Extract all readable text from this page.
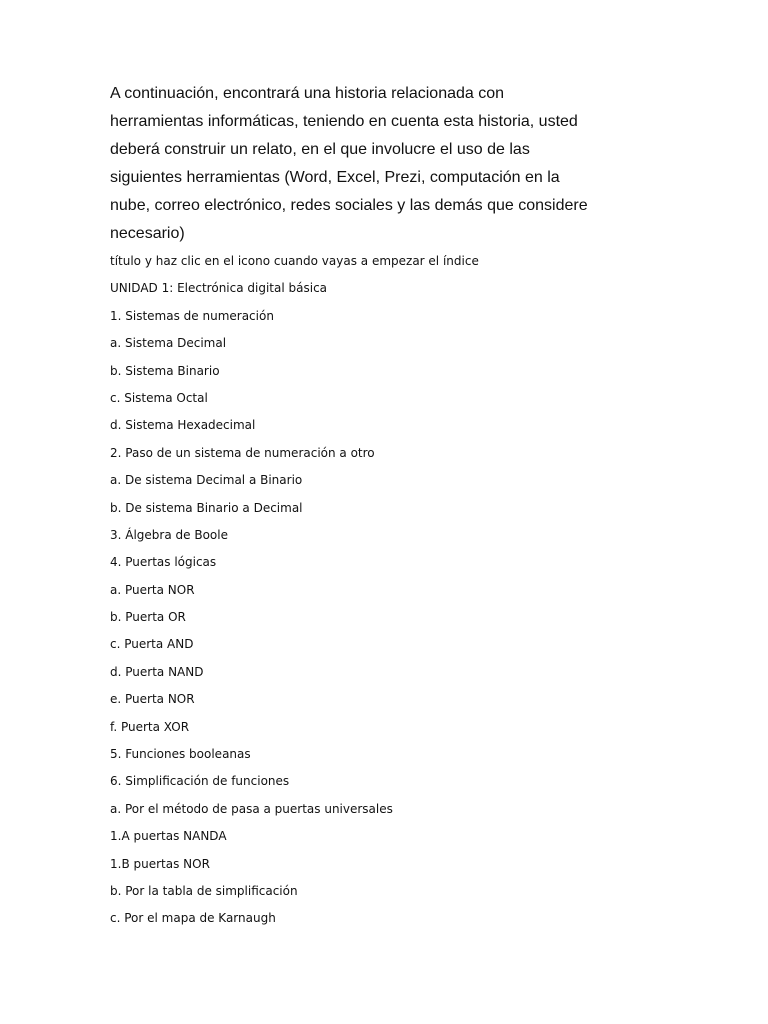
A continuación, encontrará una historia relacionada con
herramientas informáticas, teniendo en cuenta esta historia, usted
deberá construir un relato, en el que involucre el uso de las
siguientes herramientas (Word, Excel, Prezi, computación en la
nube, correo electrónico, redes sociales y las demás que considere
necesario)

título y haz clic en el icono cuando vayas a empezar el índice
UNIDAD 1: Electrónica digital básica
1. Sistemas de numeración
a. Sistema Decimal
b. Sistema Binario
c. Sistema Octal
d. Sistema Hexadecimal
2. Paso de un sistema de numeración a otro
a. De sistema Decimal a Binario
b. De sistema Binario a Decimal
3. Álgebra de Boole
4. Puertas lógicas
a. Puerta NOR
b. Puerta OR
c. Puerta AND
d. Puerta NAND
e. Puerta NOR
f. Puerta XOR
5. Funciones booleanas
6. Simplificación de funciones
a. Por el método de pasa a puertas universales
1.A puertas NANDA
1.B puertas NOR
b. Por la tabla de simplificación
c. Por el mapa de Karnaugh
